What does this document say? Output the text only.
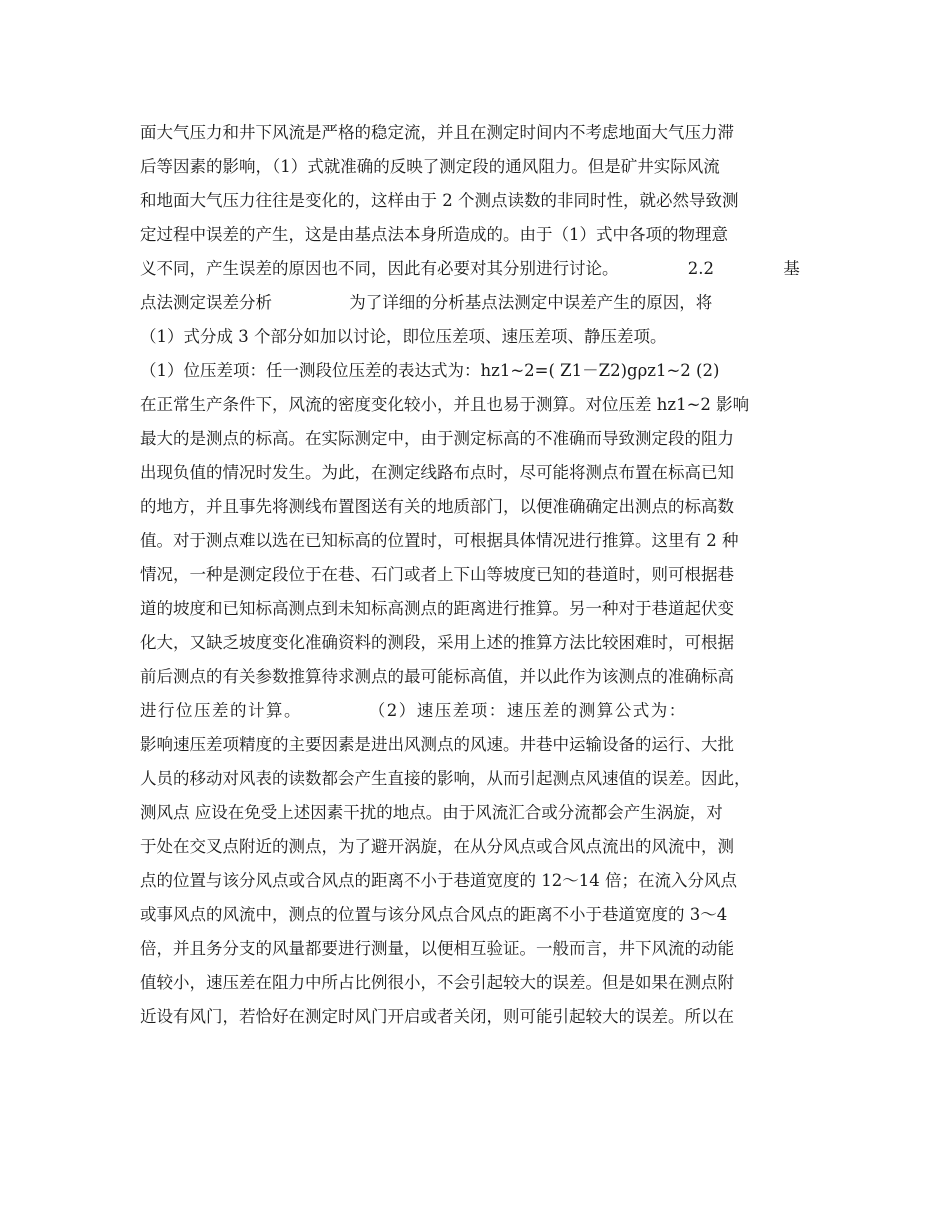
面大气压力和井下风流是严格的稳定流，并且在测定时间内不考虑地面大气压力滞
后等因素的影响，（1）式就准确的反映了测定段的通风阻力。但是矿井实际风流
和地面大气压力往往是变化的，这样由于 2 个测点读数的非同时性，就必然导致测
定过程中误差的产生，这是由基点法本身所造成的。由于（1）式中各项的物理意
义不同，产生误差的原因也不同，因此有必要对其分别进行讨论。 2.2 基
点法测定误差分析 为了详细的分析基点法测定中误差产生的原因，将
（1）式分成 3 个部分如加以讨论，即位压差项、速压差项、静压差项。
（1）位压差项：任一测段位压差的表达式为：hz1~2=( Z1－Z2)gρz1~2 (2)
在正常生产条件下，风流的密度变化较小，并且也易于测算。对位压差 hz1~2 影响
最大的是测点的标高。在实际测定中，由于测定标高的不准确而导致测定段的阻力
出现负值的情况时发生。为此，在测定线路布点时，尽可能将测点布置在标高已知
的地方，并且事先将测线布置图送有关的地质部门，以便准确确定出测点的标高数
值。对于测点难以选在已知标高的位置时，可根据具体情况进行推算。这里有 2 种
情况，一种是测定段位于在巷、石门或者上下山等坡度已知的巷道时，则可根据巷
道的坡度和已知标高测点到未知标高测点的距离进行推算。另一种对于巷道起伏变
化大，又缺乏坡度变化准确资料的测段，采用上述的推算方法比较困难时，可根据
前后测点的有关参数推算待求测点的最可能标高值，并以此作为该测点的准确标高
进行位压差的计算。 （2）速压差项：速压差的测算公式为：
影响速压差项精度的主要因素是进出风测点的风速。井巷中运输设备的运行、大批
人员的移动对风表的读数都会产生直接的影响，从而引起测点风速值的误差。因此，
测风点 应设在免受上述因素干扰的地点。由于风流汇合或分流都会产生涡旋，对
于处在交叉点附近的测点，为了避开涡旋，在从分风点或合风点流出的风流中，测
点的位置与该分风点或合风点的距离不小于巷道宽度的 12～14 倍；在流入分风点
或事风点的风流中，测点的位置与该分风点合风点的距离不小于巷道宽度的 3～4
倍，并且务分支的风量都要进行测量，以便相互验证。一般而言，井下风流的动能
值较小，速压差在阻力中所占比例很小，不会引起较大的误差。但是如果在测点附
近设有风门，若恰好在测定时风门开启或者关闭，则可能引起较大的误差。所以在
